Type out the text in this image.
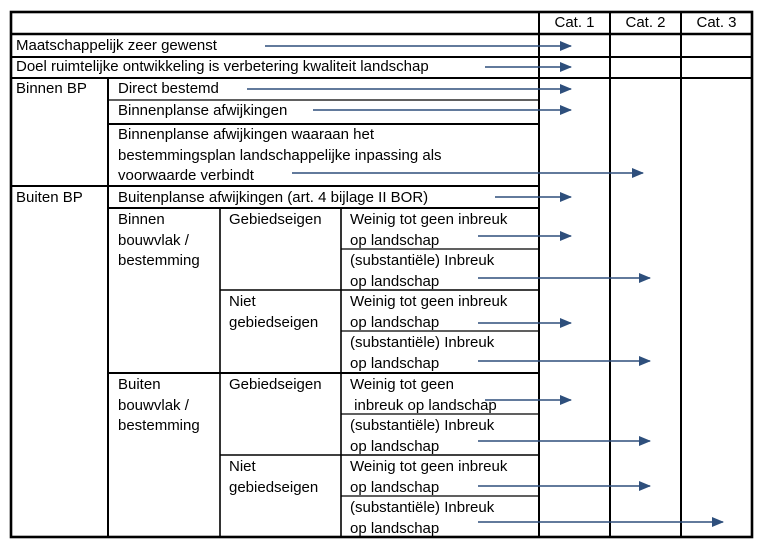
Cat. 1	Cat. 2	Cat. 3
Maatschappelijk zeer gewenst
Doel ruimtelijke ontwikkeling is verbetering kwaliteit landschap
Binnen BP Direct bestemd
Binnenplanse afwijkingen
Binnenplanse afwijkingen waaraan het
bestemmingsplan landschappelijke inpassing als
voorwaarde verbindt
Buiten BP Buitenplanse afwijkingen (art. 4 bijlage II BOR)
Binnen
bouwvlak /
bestemming
Gebiedseigen Weinig tot geen inbreuk
op landschap
(substantiële) Inbreuk
op landschap
Niet
gebiedseigen
Weinig tot geen inbreuk
op landschap
(substantiële) Inbreuk
op landschap
Buiten
bouwvlak /
bestemming
Gebiedseigen Weinig tot geen
inbreuk op landschap
(substantiële) Inbreuk
op landschap
Niet
gebiedseigen
Weinig tot geen inbreuk
op landschap
(substantiële) Inbreuk
op landschap
